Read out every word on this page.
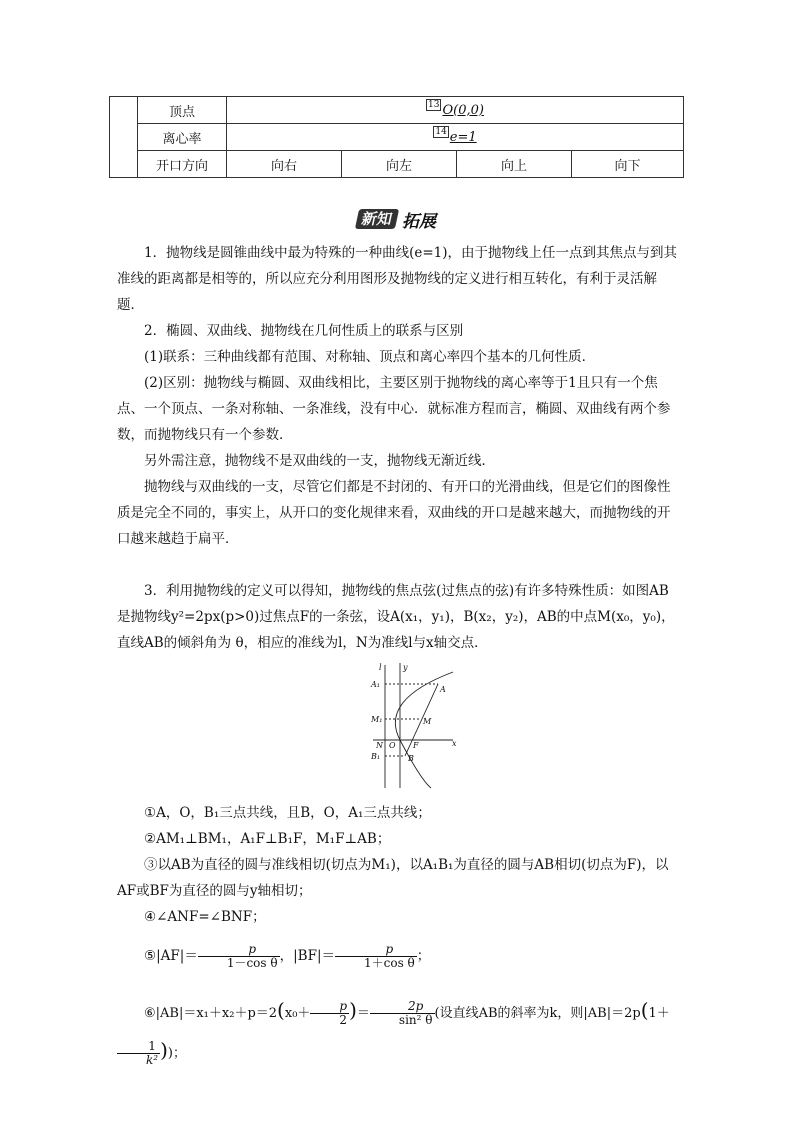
	顶点	13 O(0,0)			
	离心率	14 e=1			
	开口方向	向右	向左	向上	向下
新知 拓展
1．抛物线是圆锥曲线中最为特殊的一种曲线(e=1)，由于抛物线上任一点到其焦点与到其准线的距离都是相等的，所以应充分利用图形及抛物线的定义进行相互转化，有利于灵活解题．
2．椭圆、双曲线、抛物线在几何性质上的联系与区别
(1)联系：三种曲线都有范围、对称轴、顶点和离心率四个基本的几何性质．
(2)区别：抛物线与椭圆、双曲线相比，主要区别于抛物线的离心率等于1且只有一个焦点、一个顶点、一条对称轴、一条准线，没有中心．就标准方程而言，椭圆、双曲线有两个参数，而抛物线只有一个参数．
另外需注意，抛物线不是双曲线的一支，抛物线无渐近线．
抛物线与双曲线的一支，尽管它们都是不封闭的、有开口的光滑曲线，但是它们的图像性质是完全不同的，事实上，从开口的变化规律来看，双曲线的开口是越来越大，而抛物线的开口越来越趋于扁平．
3．利用抛物线的定义可以得知，抛物线的焦点弦(过焦点的弦)有许多特殊性质：如图AB是抛物线y²=2px(p>0)过焦点F的一条弦，设A(x₁，y₁)，B(x₂，y₂)，AB的中点M(x₀，y₀)，直线AB的倾斜角为 θ，相应的准线为l，N为准线l与x轴交点．
l	y
x
A₁
A
M₁	M
N O F
B₁	B
①A，O，B₁三点共线，且B，O，A₁三点共线；
②AM₁⊥BM₁，A₁F⊥B₁F，M₁F⊥AB；
③以AB为直径的圆与准线相切(切点为M₁)，以A₁B₁为直径的圆与AB相切(切点为F)，以AF或BF为直径的圆与y轴相切；
④∠ANF=∠BNF；
⑤|AF|＝ $\frac{p}{\text{1－cos θ}}$ ，$|BF|= \frac{p}{\text{1＋cos θ}}$ ；
⑥|AB|＝x₁＋x₂＋p＝2(x₀＋ $\frac{p}{2}$ )＝ $\frac{2p}{\text{sin² θ}}$ (设直线AB的斜率为k，则|AB|＝2p(1＋
$\frac{1}{\text{k²}}$ ))；
